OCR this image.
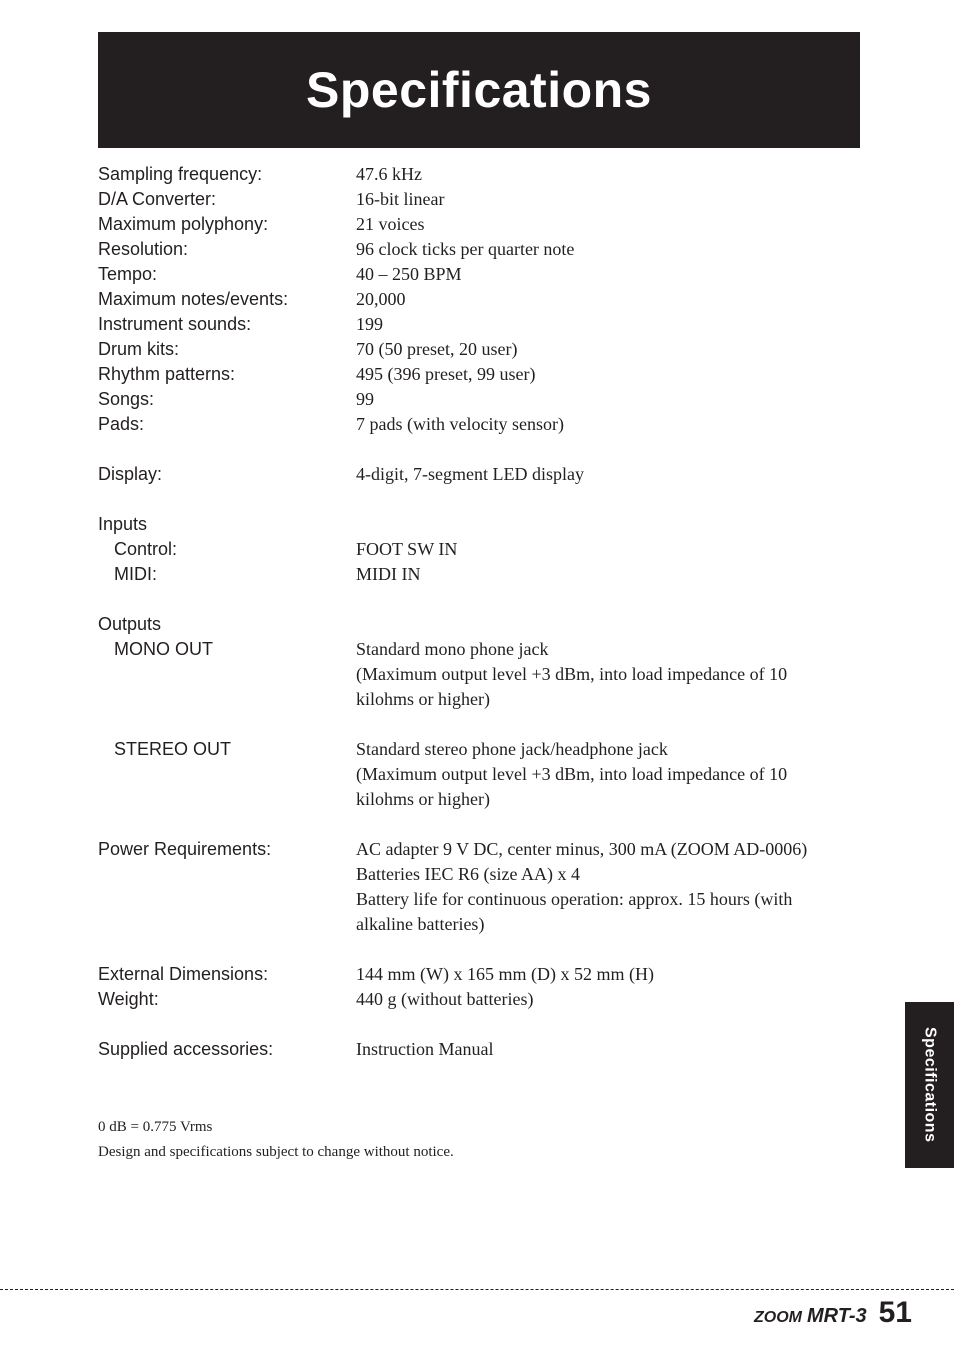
Specifications
Sampling frequency:	47.6 kHz
D/A Converter:	16-bit linear
Maximum polyphony:	21 voices
Resolution:	96 clock ticks per quarter note
Tempo:	40 – 250 BPM
Maximum notes/events:	20,000
Instrument sounds:	199
Drum kits:	70 (50 preset, 20 user)
Rhythm patterns:	495 (396 preset, 99 user)
Songs:	99
Pads:	7 pads (with velocity sensor)
Display:	4-digit, 7-segment LED display
Inputs
Control:	FOOT SW IN
MIDI:	MIDI IN
Outputs
MONO OUT	Standard mono phone jack
(Maximum output level +3 dBm, into load impedance of 10
kilohms or higher)
STEREO OUT	Standard stereo phone jack/headphone jack
(Maximum output level +3 dBm, into load impedance of 10
kilohms or higher)
Power Requirements:	AC adapter 9 V DC, center minus, 300 mA (ZOOM AD-0006)
Batteries IEC R6 (size AA) x 4
Battery life for continuous operation: approx. 15 hours (with
alkaline batteries)
External Dimensions:	144 mm (W) x 165 mm (D) x 52 mm (H)
Weight:	440 g (without batteries)
Supplied accessories:	Instruction Manual
0 dB = 0.775 Vrms
Design and specifications subject to change without notice.
Specifications
ZOOM MRT-3 51
